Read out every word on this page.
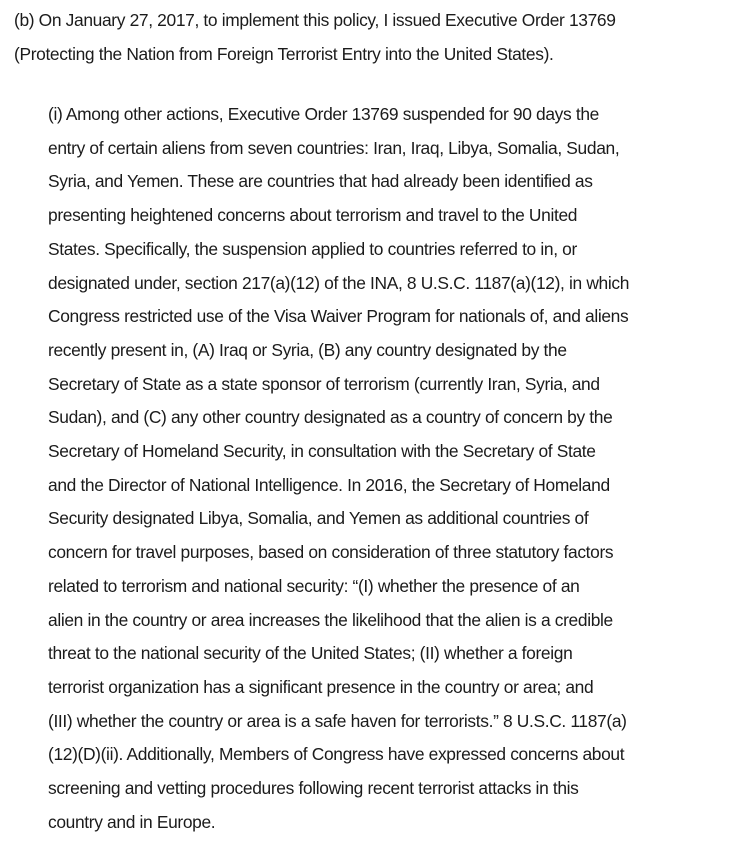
(b) On January 27, 2017, to implement this policy, I issued Executive Order 13769
(Protecting the Nation from Foreign Terrorist Entry into the United States).
(i) Among other actions, Executive Order 13769 suspended for 90 days the
entry of certain aliens from seven countries: Iran, Iraq, Libya, Somalia, Sudan,
Syria, and Yemen. These are countries that had already been identified as
presenting heightened concerns about terrorism and travel to the United
States. Specifically, the suspension applied to countries referred to in, or
designated under, section 217(a)(12) of the INA, 8 U.S.C. 1187(a)(12), in which
Congress restricted use of the Visa Waiver Program for nationals of, and aliens
recently present in, (A) Iraq or Syria, (B) any country designated by the
Secretary of State as a state sponsor of terrorism (currently Iran, Syria, and
Sudan), and (C) any other country designated as a country of concern by the
Secretary of Homeland Security, in consultation with the Secretary of State
and the Director of National Intelligence. In 2016, the Secretary of Homeland
Security designated Libya, Somalia, and Yemen as additional countries of
concern for travel purposes, based on consideration of three statutory factors
related to terrorism and national security: “(I) whether the presence of an
alien in the country or area increases the likelihood that the alien is a credible
threat to the national security of the United States; (II) whether a foreign
terrorist organization has a significant presence in the country or area; and
(III) whether the country or area is a safe haven for terrorists.” 8 U.S.C. 1187(a)
(12)(D)(ii). Additionally, Members of Congress have expressed concerns about
screening and vetting procedures following recent terrorist attacks in this
country and in Europe.
